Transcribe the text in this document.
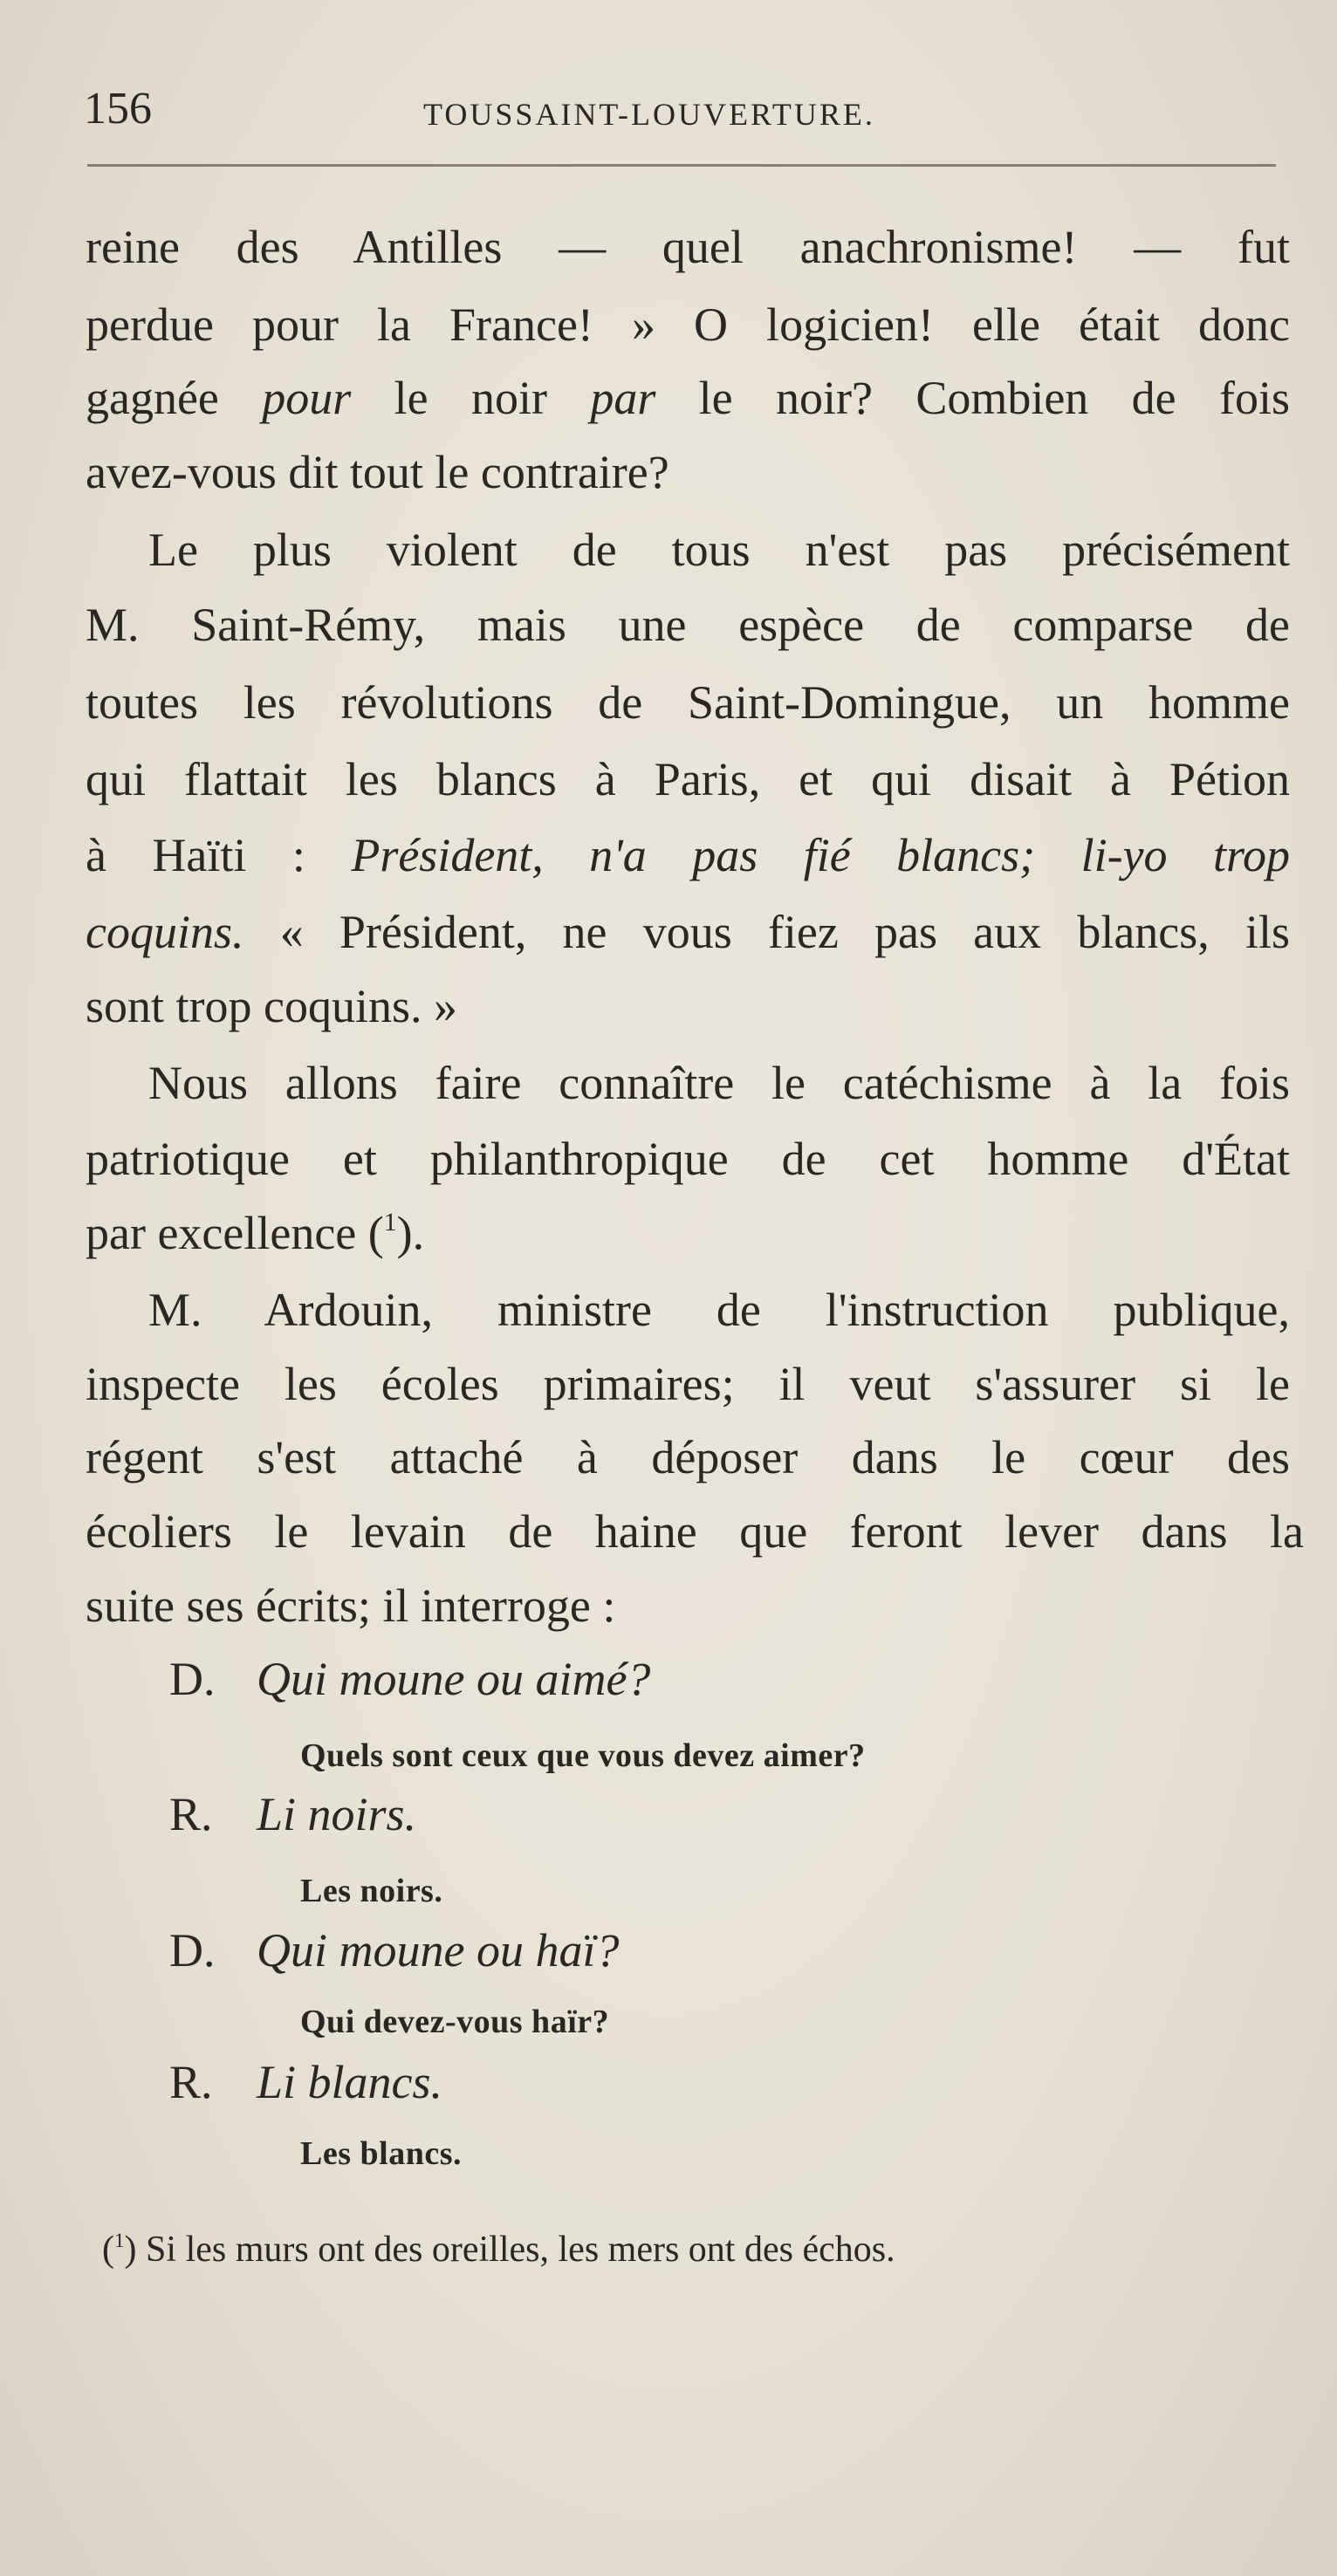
156	TOUSSAINT-LOUVERTURE.
reine des Antilles — quel anachronisme! — fut
perdue pour la France! » O logicien! elle était donc
gagnée pour le noir par le noir? Combien de fois
avez-vous dit tout le contraire?
Le plus violent de tous n'est pas précisément
M. Saint-Rémy, mais une espèce de comparse de
toutes les révolutions de Saint-Domingue, un homme
qui flattait les blancs à Paris, et qui disait à Pétion
à Haïti : Président, n'a pas fié blancs; li-yo trop
coquins. « Président, ne vous fiez pas aux blancs, ils
sont trop coquins. »
Nous allons faire connaître le catéchisme à la fois
patriotique et philanthropique de cet homme d'État
par excellence ($^1$).
M. Ardouin, ministre de l'instruction publique,
inspecte les écoles primaires; il veut s'assurer si le
régent s'est attaché à déposer dans le cœur des
écoliers le levain de haine que feront lever dans la
suite ses écrits; il interroge :
D. Qui moune ou aimé?
Quels sont ceux que vous devez aimer?
R. Li noirs.
Les noirs.
D. Qui moune ou haï?
Qui devez-vous haïr?
R. Li blancs.
Les blancs.
($^1$) Si les murs ont des oreilles, les mers ont des échos.
